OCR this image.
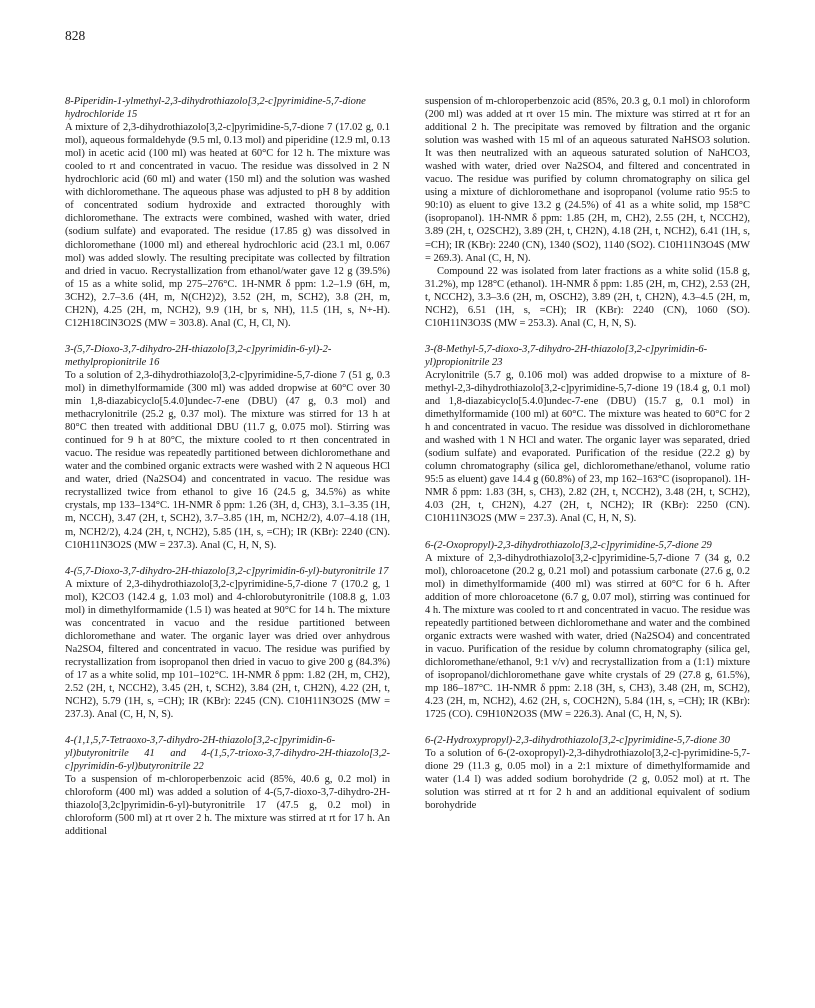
828

8-Piperidin-1-ylmethyl-2,3-dihydrothiazolo[3,2-c]pyrimidine-5,7-dione hydrochloride 15

A mixture of 2,3-dihydrothiazolo[3,2-c]pyrimidine-5,7-dione 7 (17.02 g, 0.1 mol), aqueous formaldehyde (9.5 ml, 0.13 mol) and piperidine (12.9 ml, 0.13 mol) in acetic acid (100 ml) was heated at 60°C for 12 h. The mixture was cooled to rt and concentrated in vacuo. The residue was dissolved in 2 N hydrochloric acid (60 ml) and water (150 ml) and the solution was washed with dichloromethane. The aqueous phase was adjusted to pH 8 by addition of concentrated sodium hydroxide and extracted thoroughly with dichloromethane. The extracts were combined, washed with water, dried (sodium sulfate) and evaporated. The residue (17.85 g) was dissolved in dichloromethane (1000 ml) and ethereal hydrochloric acid (23.1 ml, 0.067 mol) was added slowly. The resulting precipitate was collected by filtration and dried in vacuo. Recrystallization from ethanol/water gave 12 g (39.5%) of 15 as a white solid, mp 275–276°C. 1H-NMR δ ppm: 1.2–1.9 (6H, m, 3CH2), 2.7–3.6 (4H, m, N(CH2)2), 3.52 (2H, m, SCH2), 3.8 (2H, m, CH2N), 4.25 (2H, m, NCH2), 9.9 (1H, br s, NH), 11.5 (1H, s, N+-H). C12H18ClN3O2S (MW = 303.8). Anal (C, H, Cl, N).

3-(5,7-Dioxo-3,7-dihydro-2H-thiazolo[3,2-c]pyrimidin-6-yl)-2-methylpropionitrile 16

To a solution of 2,3-dihydrothiazolo[3,2-c]pyrimidine-5,7-dione 7 (51 g, 0.3 mol) in dimethylformamide (300 ml) was added dropwise at 60°C over 30 min 1,8-diazabicyclo[5.4.0]undec-7-ene (DBU) (47 g, 0.3 mol) and methacrylonitrile (25.2 g, 0.37 mol). The mixture was stirred for 13 h at 80°C then treated with additional DBU (11.7 g, 0.075 mol). Stirring was continued for 9 h at 80°C, the mixture cooled to rt then concentrated in vacuo. The residue was repeatedly partitioned between dichloromethane and water and the combined organic extracts were washed with 2 N aqueous HCl and water, dried (Na2SO4) and concentrated in vacuo. The residue was recrystallized twice from ethanol to give 16 (24.5 g, 34.5%) as white crystals, mp 133–134°C. 1H-NMR δ ppm: 1.26 (3H, d, CH3), 3.1–3.35 (1H, m, NCCH), 3.47 (2H, t, SCH2), 3.7–3.85 (1H, m, NCH2/2), 4.07–4.18 (1H, m, NCH2/2), 4.24 (2H, t, NCH2), 5.85 (1H, s, =CH); IR (KBr): 2240 (CN). C10H11N3O2S (MW = 237.3). Anal (C, H, N, S).

4-(5,7-Dioxo-3,7-dihydro-2H-thiazolo[3,2-c]pyrimidin-6-yl)-butyronitrile 17

A mixture of 2,3-dihydrothiazolo[3,2-c]pyrimidine-5,7-dione 7 (170.2 g, 1 mol), K2CO3 (142.4 g, 1.03 mol) and 4-chlorobutyronitrile (108.8 g, 1.03 mol) in dimethylformamide (1.5 l) was heated at 90°C for 14 h. The mixture was concentrated in vacuo and the residue partitioned between dichloromethane and water. The organic layer was dried over anhydrous Na2SO4, filtered and concentrated in vacuo. The residue was purified by recrystallization from isopropanol then dried in vacuo to give 200 g (84.3%) of 17 as a white solid, mp 101–102°C. 1H-NMR δ ppm: 1.82 (2H, m, CH2), 2.52 (2H, t, NCCH2), 3.45 (2H, t, SCH2), 3.84 (2H, t, CH2N), 4.22 (2H, t, NCH2), 5.79 (1H, s, =CH); IR (KBr): 2245 (CN). C10H11N3O2S (MW = 237.3). Anal (C, H, N, S).

4-(1,1,5,7-Tetraoxo-3,7-dihydro-2H-thiazolo[3,2-c]pyrimidin-6-yl)butyronitrile 41 and 4-(1,5,7-trioxo-3,7-dihydro-2H-thiazolo[3,2-c]pyrimidin-6-yl)butyronitrile 22

To a suspension of m-chloroperbenzoic acid (85%, 40.6 g, 0.2 mol) in chloroform (400 ml) was added a solution of 4-(5,7-dioxo-3,7-dihydro-2H-thiazolo[3,2c]pyrimidin-6-yl)-butyronitrile 17 (47.5 g, 0.2 mol) in chloroform (500 ml) at rt over 2 h. The mixture was stirred at rt for 17 h. An additional

suspension of m-chloroperbenzoic acid (85%, 20.3 g, 0.1 mol) in chloroform (200 ml) was added at rt over 15 min. The mixture was stirred at rt for an additional 2 h. The precipitate was removed by filtration and the organic solution was washed with 15 ml of an aqueous saturated NaHSO3 solution. It was then neutralized with an aqueous saturated solution of NaHCO3, washed with water, dried over Na2SO4, and filtered and concentrated in vacuo. The residue was purified by column chromatography on silica gel using a mixture of dichloromethane and isopropanol (volume ratio 95:5 to 90:10) as eluent to give 13.2 g (24.5%) of 41 as a white solid, mp 158°C (isopropanol). 1H-NMR δ ppm: 1.85 (2H, m, CH2), 2.55 (2H, t, NCCH2), 3.89 (2H, t, O2SCH2), 3.89 (2H, t, CH2N), 4.18 (2H, t, NCH2), 6.41 (1H, s, =CH); IR (KBr): 2240 (CN), 1340 (SO2), 1140 (SO2). C10H11N3O4S (MW = 269.3). Anal (C, H, N).

Compound 22 was isolated from later fractions as a white solid (15.8 g, 31.2%), mp 128°C (ethanol). 1H-NMR δ ppm: 1.85 (2H, m, CH2), 2.53 (2H, t, NCCH2), 3.3–3.6 (2H, m, OSCH2), 3.89 (2H, t, CH2N), 4.3–4.5 (2H, m, NCH2), 6.51 (1H, s, =CH); IR (KBr): 2240 (CN), 1060 (SO). C10H11N3O3S (MW = 253.3). Anal (C, H, N, S).

3-(8-Methyl-5,7-dioxo-3,7-dihydro-2H-thiazolo[3,2-c]pyrimidin-6-yl)propionitrile 23

Acrylonitrile (5.7 g, 0.106 mol) was added dropwise to a mixture of 8-methyl-2,3-dihydrothiazolo[3,2-c]pyrimidine-5,7-dione 19 (18.4 g, 0.1 mol) and 1,8-diazabicyclo[5.4.0]undec-7-ene (DBU) (15.7 g, 0.1 mol) in dimethylformamide (100 ml) at 60°C. The mixture was heated to 60°C for 2 h and concentrated in vacuo. The residue was dissolved in dichloromethane and washed with 1 N HCl and water. The organic layer was separated, dried (sodium sulfate) and evaporated. Purification of the residue (22.2 g) by column chromatography (silica gel, dichloromethane/ethanol, volume ratio 95:5 as eluent) gave 14.4 g (60.8%) of 23, mp 162–163°C (isopropanol). 1H-NMR δ ppm: 1.83 (3H, s, CH3), 2.82 (2H, t, NCCH2), 3.48 (2H, t, SCH2), 4.03 (2H, t, CH2N), 4.27 (2H, t, NCH2); IR (KBr): 2250 (CN). C10H11N3O2S (MW = 237.3). Anal (C, H, N, S).

6-(2-Oxopropyl)-2,3-dihydrothiazolo[3,2-c]pyrimidine-5,7-dione 29

A mixture of 2,3-dihydrothiazolo[3,2-c]pyrimidine-5,7-dione 7 (34 g, 0.2 mol), chloroacetone (20.2 g, 0.21 mol) and potassium carbonate (27.6 g, 0.2 mol) in dimethylformamide (400 ml) was stirred at 60°C for 6 h. After addition of more chloroacetone (6.7 g, 0.07 mol), stirring was continued for 4 h. The mixture was cooled to rt and concentrated in vacuo. The residue was repeatedly partitioned between dichloromethane and water and the combined organic extracts were washed with water, dried (Na2SO4) and concentrated in vacuo. Purification of the residue by column chromatography (silica gel, dichloromethane/ethanol, 9:1 v/v) and recrystallization from a (1:1) mixture of isopropanol/dichloromethane gave white crystals of 29 (27.8 g, 61.5%), mp 186–187°C. 1H-NMR δ ppm: 2.18 (3H, s, CH3), 3.48 (2H, m, SCH2), 4.23 (2H, m, NCH2), 4.62 (2H, s, COCH2N), 5.84 (1H, s, =CH); IR (KBr): 1725 (CO). C9H10N2O3S (MW = 226.3). Anal (C, H, N, S).

6-(2-Hydroxypropyl)-2,3-dihydrothiazolo[3,2-c]pyrimidine-5,7-dione 30

To a solution of 6-(2-oxopropyl)-2,3-dihydrothiazolo[3,2-c]-pyrimidine-5,7-dione 29 (11.3 g, 0.05 mol) in a 2:1 mixture of dimethylformamide and water (1.4 l) was added sodium borohydride (2 g, 0.052 mol) at rt. The solution was stirred at rt for 2 h and an additional equivalent of sodium borohydride
